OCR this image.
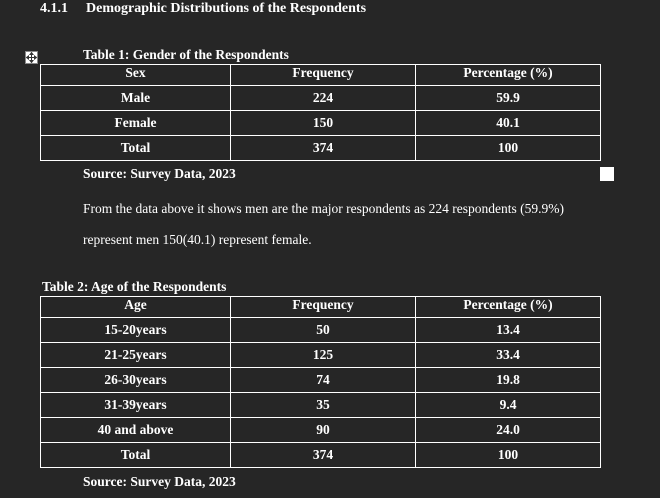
4.1.1 Demographic Distributions of the Respondents
Table 1: Gender of the Respondents
Sex	Frequency	Percentage (%)
Male	224	59.9
Female	150	40.1
Total	374	100
Source: Survey Data, 2023
From the data above it shows men are the major respondents as 224 respondents (59.9%)
represent men 150(40.1) represent female.
Table 2: Age of the Respondents
Age	Frequency	Percentage (%)
15-20years	50	13.4
21-25years	125	33.4
26-30years	74	19.8
31-39years	35	9.4
40 and above	90	24.0
Total	374	100
Source: Survey Data, 2023
